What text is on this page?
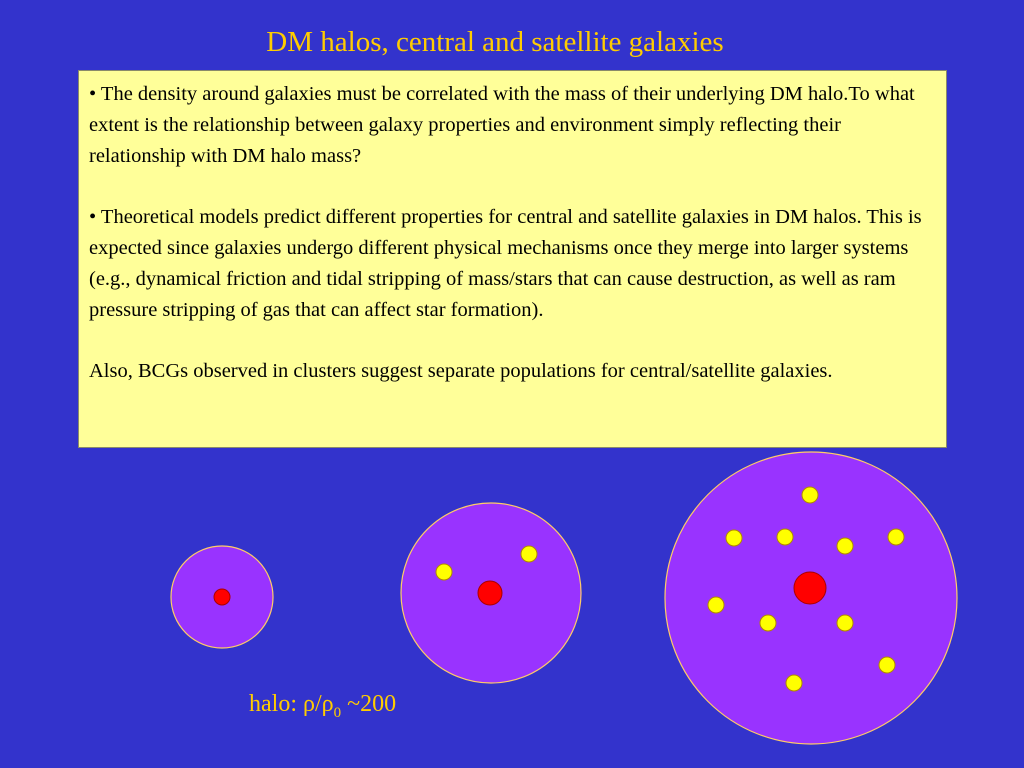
DM halos, central and satellite galaxies

• The density around galaxies must be correlated with the mass of their underlying DM halo.To what extent is the relationship between galaxy properties and environment simply reflecting their relationship with DM halo mass?

• Theoretical models predict different properties for central and satellite galaxies in DM halos. This is expected since galaxies undergo different physical mechanisms once they merge into larger systems (e.g., dynamical friction and tidal stripping of mass/stars that can cause destruction, as well as ram pressure stripping of gas that can affect star formation).

Also, BCGs observed in clusters suggest separate populations for central/satellite galaxies.

halo: $\rho/\rho_0$ ~200
